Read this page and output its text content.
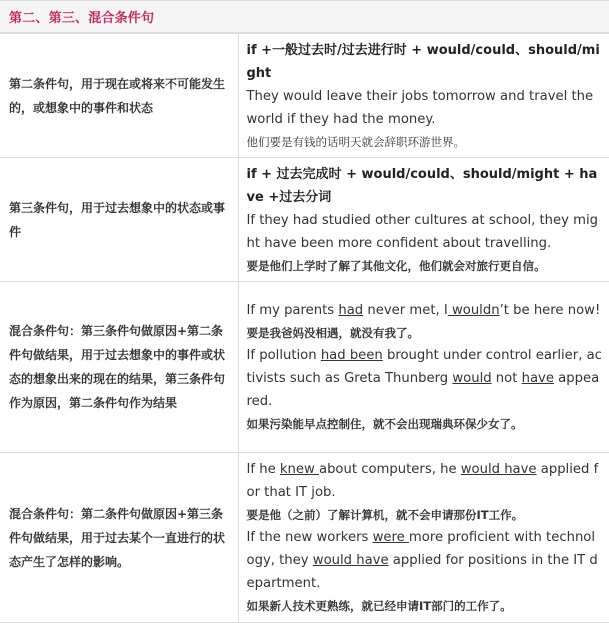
第二、第三、混合条件句
第二条件句，用于现在或将来不可能发生的，或想象中的事件和状态	if +一般过去时/过去进行时 + would/could、should/might
They would leave their jobs tomorrow and travel the world if they had the money.
他们要是有钱的话明天就会辞职环游世界。

第三条件句，用于过去想象中的状态或事件	if + 过去完成时 + would/could、should/might + have +过去分词
If they had studied other cultures at school, they might have been more confident about travelling.
要是他们上学时了解了其他文化，他们就会对旅行更自信。

混合条件句：第三条件句做原因+第二条件句做结果，用于过去想象中的事件或状态的想象出来的现在的结果，第三条件句作为原因，第二条件句作为结果	If my parents had never met, I wouldn’t be here now!
要是我爸妈没相遇，就没有我了。
If pollution had been brought under control earlier, activists such as Greta Thunberg would not have appeared.
如果污染能早点控制住，就不会出现瑞典环保少女了。

混合条件句：第二条件句做原因+第三条件句做结果，用于过去某个一直进行的状态产生了怎样的影响。	If he knew about computers, he would have applied for that IT job.
要是他（之前）了解计算机，就不会申请那份IT工作。
If the new workers were more proficient with technology, they would have applied for positions in the IT department.
如果新人技术更熟练，就已经申请IT部门的工作了。
